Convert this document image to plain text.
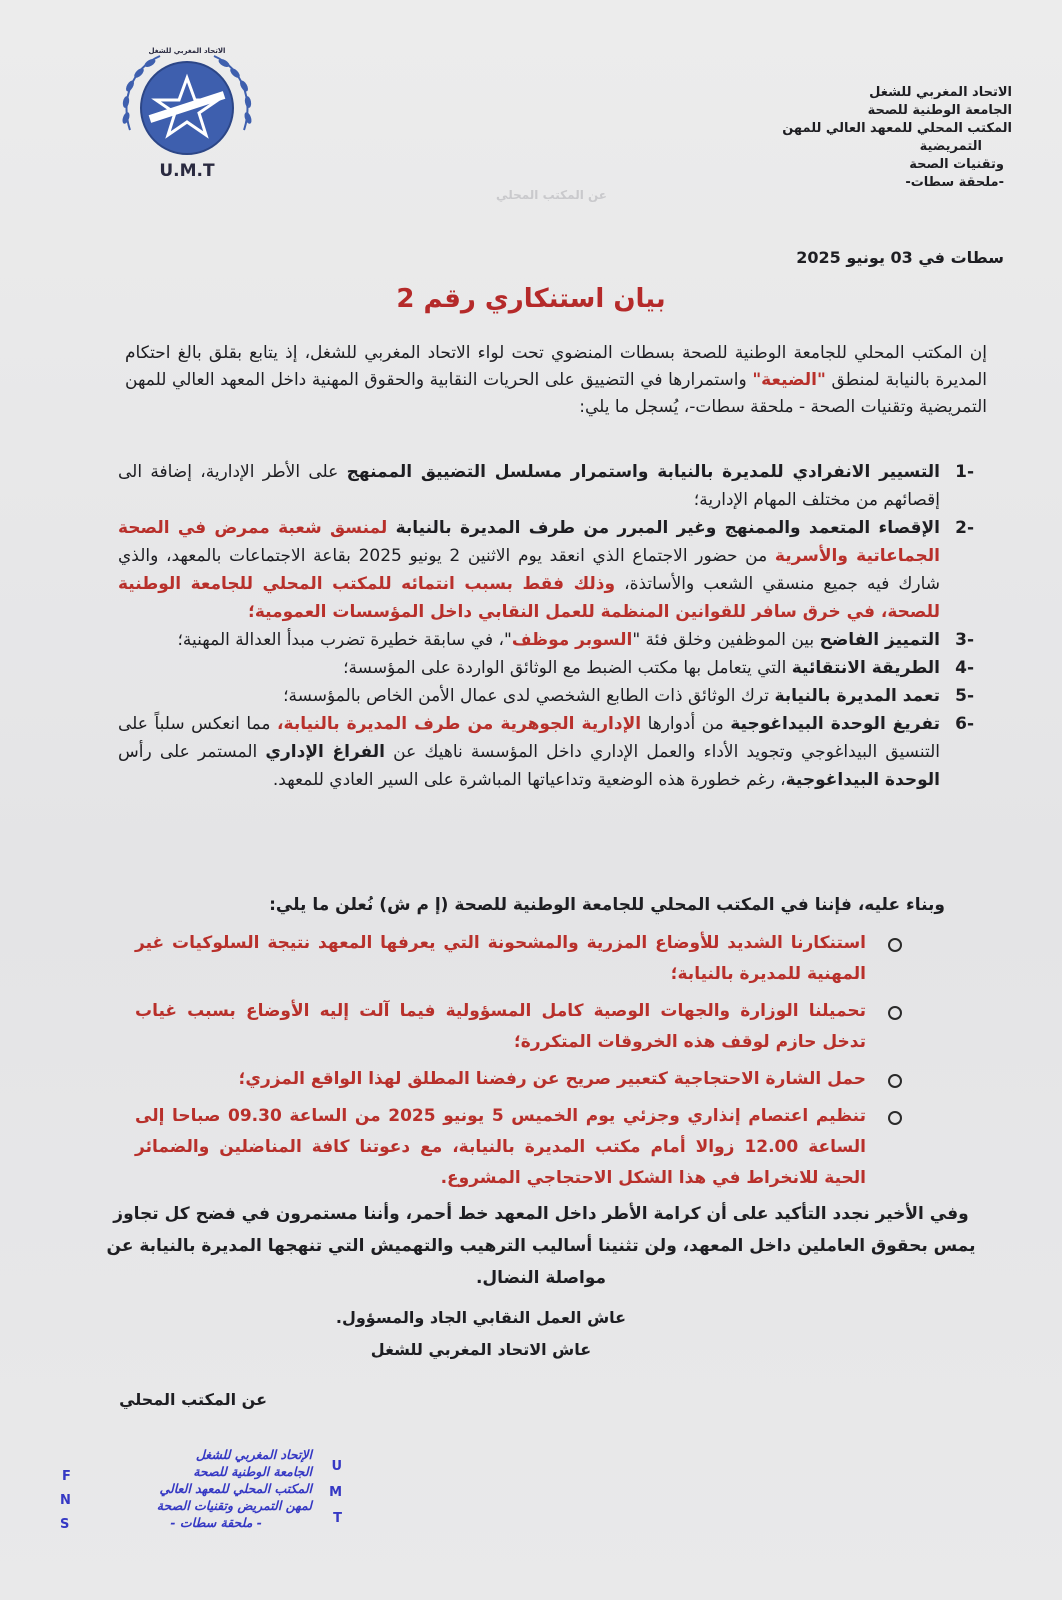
U.M.T
الاتحاد المغربي للشغل
الاتحاد المغربي للشغل
الجامعة الوطنية للصحة
المكتب المحلي للمعهد العالي للمهن
التمريضية
وتقنيات الصحة
-ملحقة سطات-
عن المكتب المحلي
سطات في 03 يونيو 2025
بيان استنكاري رقم 2
إن المكتب المحلي للجامعة الوطنية للصحة بسطات المنضوي تحت لواء الاتحاد المغربي للشغل، إذ يتابع بقلق بالغ احتكام المديرة بالنيابة لمنطق "الضيعة" واستمرارها في التضييق على الحريات النقابية والحقوق المهنية داخل المعهد العالي للمهن التمريضية وتقنيات الصحة - ملحقة سطات-، يُسجل ما يلي:
-1
التسيير الانفرادي للمديرة بالنيابة واستمرار مسلسل التضييق الممنهج على الأطر الإدارية، إضافة الى إقصائهم من مختلف المهام الإدارية؛
-2
الإقصاء المتعمد والممنهج وغير المبرر من طرف المديرة بالنيابة لمنسق شعبة ممرض في الصحة الجماعاتية والأسرية من حضور الاجتماع الذي انعقد يوم الاثنين 2 يونيو 2025 بقاعة الاجتماعات بالمعهد، والذي شارك فيه جميع منسقي الشعب والأساتذة، وذلك فقط بسبب انتمائه للمكتب المحلي للجامعة الوطنية للصحة، في خرق سافر للقوانين المنظمة للعمل النقابي داخل المؤسسات العمومية؛
-3
التمييز الفاضح بين الموظفين وخلق فئة "السوبر موظف"، في سابقة خطيرة تضرب مبدأ العدالة المهنية؛
-4
الطريقة الانتقائية التي يتعامل بها مكتب الضبط مع الوثائق الواردة على المؤسسة؛
-5
تعمد المديرة بالنيابة ترك الوثائق ذات الطابع الشخصي لدى عمال الأمن الخاص بالمؤسسة؛
-6
تفريغ الوحدة البيداغوجية من أدوارها الإدارية الجوهرية من طرف المديرة بالنيابة، مما انعكس سلباً على التنسيق البيداغوجي وتجويد الأداء والعمل الإداري داخل المؤسسة ناهيك عن الفراغ الإداري المستمر على رأس الوحدة البيداغوجية، رغم خطورة هذه الوضعية وتداعياتها المباشرة على السير العادي للمعهد.
وبناء عليه، فإننا في المكتب المحلي للجامعة الوطنية للصحة (إ م ش) نُعلن ما يلي:
استنكارنا الشديد للأوضاع المزرية والمشحونة التي يعرفها المعهد نتيجة السلوكيات غير المهنية للمديرة بالنيابة؛
تحميلنا الوزارة والجهات الوصية كامل المسؤولية فيما آلت إليه الأوضاع بسبب غياب تدخل حازم لوقف هذه الخروقات المتكررة؛
حمل الشارة الاحتجاجية كتعبير صريح عن رفضنا المطلق لهذا الواقع المزري؛
تنظيم اعتصام إنذاري وجزئي يوم الخميس 5 يونيو 2025 من الساعة 09.30 صباحا إلى الساعة 12.00 زوالا أمام مكتب المديرة بالنيابة، مع دعوتنا كافة المناضلين والضمائر الحية للانخراط في هذا الشكل الاحتجاجي المشروع.
وفي الأخير نجدد التأكيد على أن كرامة الأطر داخل المعهد خط أحمر، وأننا مستمرون في فضح كل تجاوز يمس بحقوق العاملين داخل المعهد، ولن تثنينا أساليب الترهيب والتهميش التي تنهجها المديرة بالنيابة عن مواصلة النضال.
عاش العمل النقابي الجاد والمسؤول.
عاش الاتحاد المغربي للشغل
عن المكتب المحلي
الإتحاد المغربي للشغل
الجامعة الوطنية للصحة
المكتب المحلي للمعهد العالي
لمهن التمريض وتقنيات الصحة
- ملحقة سطات -
U
M
T
F
N
S
